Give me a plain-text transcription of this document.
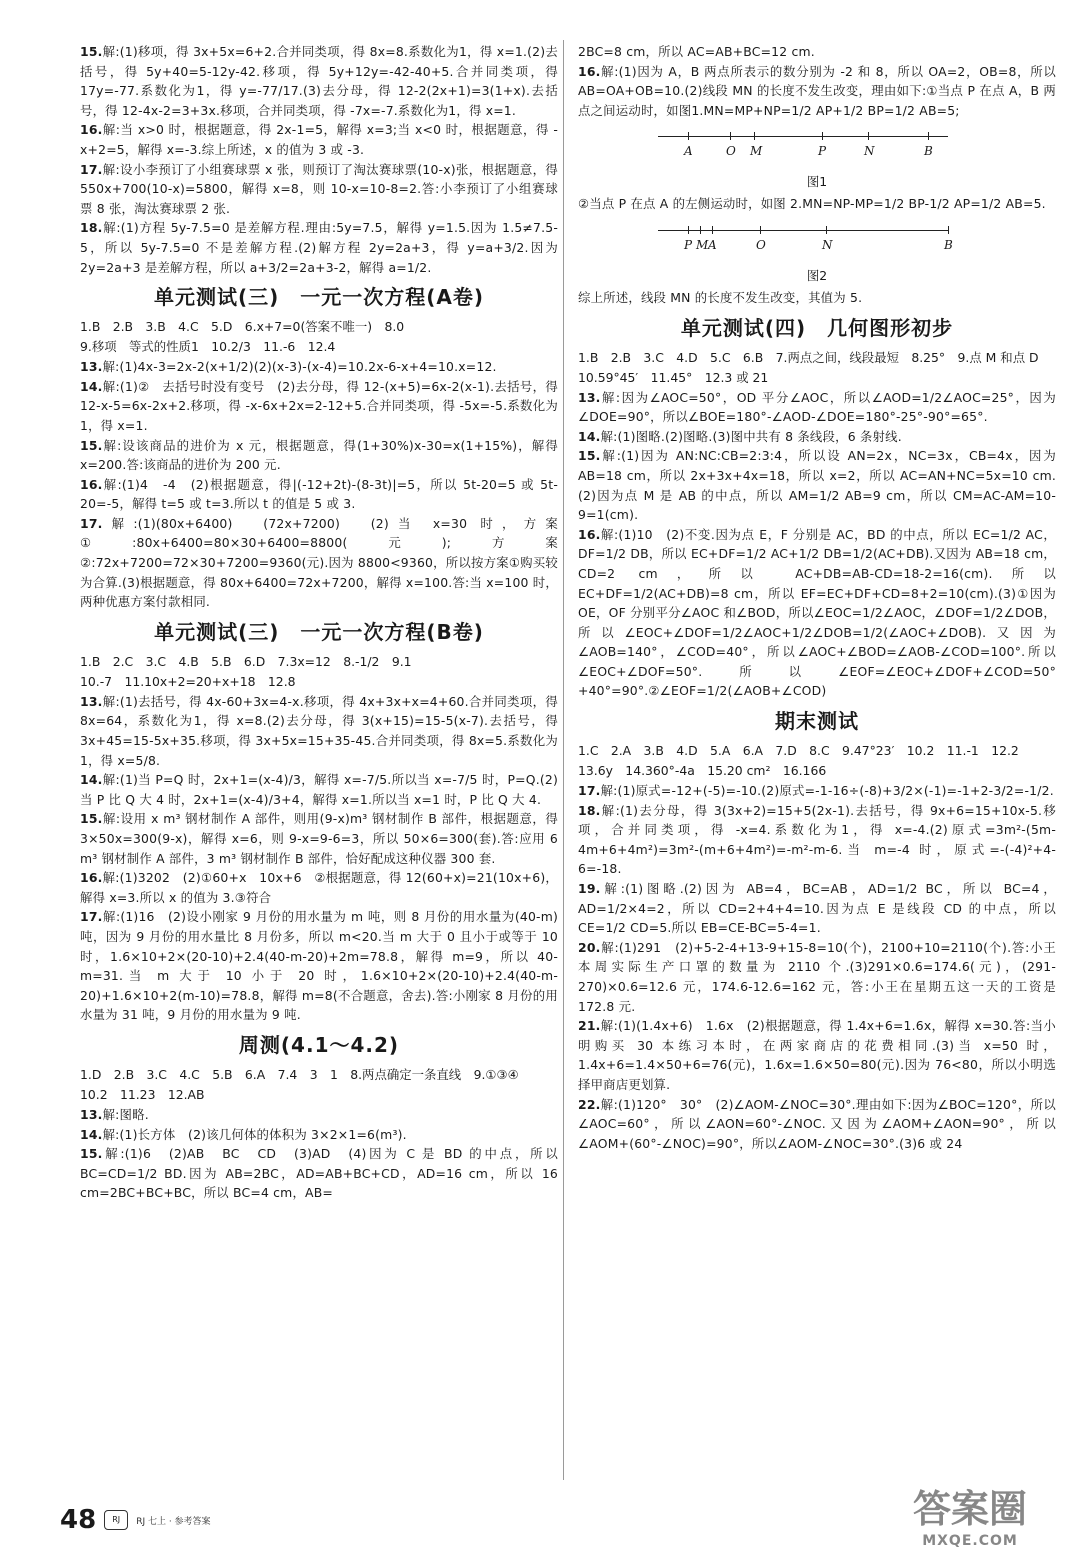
15.解:(1)移项，得 3x+5x=6+2.合并同类项，得 8x=8.系数化为1，得 x=1.(2)去括号，得 5y+40=5-12y-42.移项，得 5y+12y=-42-40+5.合并同类项，得 17y=-77.系数化为1，得 y=-77/17.(3)去分母，得 12-2(2x+1)=3(1+x).去括号，得 12-4x-2=3+3x.移项，合并同类项，得 -7x=-7.系数化为1，得 x=1.

16.解:当 x>0 时，根据题意，得 2x-1=5，解得 x=3;当 x<0 时，根据题意，得 -x+2=5，解得 x=-3.综上所述，x 的值为 3 或 -3.

17.解:设小李预订了小组赛球票 x 张，则预订了淘汰赛球票(10-x)张，根据题意，得 550x+700(10-x)=5800，解得 x=8，则 10-x=10-8=2.答:小李预订了小组赛球票 8 张，淘汰赛球票 2 张.

18.解:(1)方程 5y-7.5=0 是差解方程.理由:5y=7.5，解得 y=1.5.因为 1.5≠7.5-5，所以 5y-7.5=0 不是差解方程.(2)解方程 2y=2a+3，得 y=a+3/2.因为 2y=2a+3 是差解方程，所以 a+3/2=2a+3-2，解得 a=1/2.

单元测试(三)　一元一次方程(A卷)

1.B　2.B　3.B　4.C　5.D　6.x+7=0(答案不唯一)　8.0

9.移项　等式的性质1　10.2/3　11.-6　12.4

13.解:(1)4x-3=2x-2(x+1/2)(2)(x-3)-(x-4)=10.2x-6-x+4=10.x=12.

14.解:(1)②　去括号时没有变号　(2)去分母，得 12-(x+5)=6x-2(x-1).去括号，得 12-x-5=6x-2x+2.移项，得 -x-6x+2x=2-12+5.合并同类项，得 -5x=-5.系数化为1，得 x=1.

15.解:设该商品的进价为 x 元，根据题意，得(1+30%)x-30=x(1+15%)，解得 x=200.答:该商品的进价为 200 元.

16.解:(1)4　-4　(2)根据题意，得|(-12+2t)-(8-3t)|=5，所以 5t-20=5 或 5t-20=-5，解得 t=5 或 t=3.所以 t 的值是 5 或 3.

17.解:(1)(80x+6400)　(72x+7200)　(2)当 x=30 时，方案①:80x+6400=80×30+6400=8800(元);方案②:72x+7200=72×30+7200=9360(元).因为 8800<9360，所以按方案①购买较为合算.(3)根据题意，得 80x+6400=72x+7200，解得 x=100.答:当 x=100 时，两种优惠方案付款相同.

单元测试(三)　一元一次方程(B卷)

1.B　2.C　3.C　4.B　5.B　6.D　7.3x=12　8.-1/2　9.1

10.-7　11.10x+2=20+x+18　12.8

13.解:(1)去括号，得 4x-60+3x=4-x.移项，得 4x+3x+x=4+60.合并同类项，得 8x=64，系数化为1，得 x=8.(2)去分母，得 3(x+15)=15-5(x-7).去括号，得 3x+45=15-5x+35.移项，得 3x+5x=15+35-45.合并同类项，得 8x=5.系数化为1，得 x=5/8.

14.解:(1)当 P=Q 时，2x+1=(x-4)/3，解得 x=-7/5.所以当 x=-7/5 时，P=Q.(2)当 P 比 Q 大 4 时，2x+1=(x-4)/3+4，解得 x=1.所以当 x=1 时，P 比 Q 大 4.

15.解:设用 x m³ 钢材制作 A 部件，则用(9-x)m³ 钢材制作 B 部件，根据题意，得 3×50x=300(9-x)，解得 x=6，则 9-x=9-6=3，所以 50×6=300(套).答:应用 6 m³ 钢材制作 A 部件，3 m³ 钢材制作 B 部件，恰好配成这种仪器 300 套.

16.解:(1)3202　(2)①60+x　10x+6　②根据题意，得 12(60+x)=21(10x+6)，解得 x=3.所以 x 的值为 3.③符合

17.解:(1)16　(2)设小刚家 9 月份的用水量为 m 吨，则 8 月份的用水量为(40-m)吨，因为 9 月份的用水量比 8 月份多，所以 m<20.当 m 大于 0 且小于或等于 10 时，1.6×10+2×(20-10)+2.4(40-m-20)+2m=78.8，解得 m=9，所以 40-m=31.当 m 大于 10 小于 20 时，1.6×10+2×(20-10)+2.4(40-m-20)+1.6×10+2(m-10)=78.8，解得 m=8(不合题意，舍去).答:小刚家 8 月份的用水量为 31 吨，9 月份的用水量为 9 吨.

周测(4.1～4.2)

1.D　2.B　3.C　4.C　5.B　6.A　7.4　3　1　8.两点确定一条直线　9.①③④　10.2　11.23　12.AB

13.解:图略.

14.解:(1)长方体　(2)该几何体的体积为 3×2×1=6(m³).

15.解:(1)6　(2)AB　BC　CD　(3)AD　(4)因为 C 是 BD 的中点，所以 BC=CD=1/2 BD.因为 AB=2BC，AD=AB+BC+CD，AD=16 cm，所以 16 cm=2BC+BC+BC，所以 BC=4 cm，AB=

2BC=8 cm，所以 AC=AB+BC=12 cm.

16.解:(1)因为 A，B 两点所表示的数分别为 -2 和 8，所以 OA=2，OB=8，所以 AB=OA+OB=10.(2)线段 MN 的长度不发生改变，理由如下:①当点 P 在点 A，B 两点之间运动时，如图1.MN=MP+NP=1/2 AP+1/2 BP=1/2 AB=5;

A	O M	P	N	B

图1

②当点 P 在点 A 的左侧运动时，如图 2.MN=NP-MP=1/2 BP-1/2 AP=1/2 AB=5.

P M A	O	N	B

图2

综上所述，线段 MN 的长度不发生改变，其值为 5.

单元测试(四)　几何图形初步

1.B　2.B　3.C　4.D　5.C　6.B　7.两点之间，线段最短　8.25°　9.点 M 和点 D　10.59°45′　11.45°　12.3 或 21

13.解:因为∠AOC=50°，OD 平分∠AOC，所以∠AOD=1/2∠AOC=25°，因为∠DOE=90°，所以∠BOE=180°-∠AOD-∠DOE=180°-25°-90°=65°.

14.解:(1)图略.(2)图略.(3)图中共有 8 条线段，6 条射线.

15.解:(1)因为 AN:NC:CB=2:3:4，所以设 AN=2x，NC=3x，CB=4x，因为 AB=18 cm，所以 2x+3x+4x=18，所以 x=2，所以 AC=AN+NC=5x=10 cm.(2)因为点 M 是 AB 的中点，所以 AM=1/2 AB=9 cm，所以 CM=AC-AM=10-9=1(cm).

16.解:(1)10　(2)不变.因为点 E，F 分别是 AC，BD 的中点，所以 EC=1/2 AC，DF=1/2 DB，所以 EC+DF=1/2 AC+1/2 DB=1/2(AC+DB).又因为 AB=18 cm，CD=2 cm，所以 AC+DB=AB-CD=18-2=16(cm).所以 EC+DF=1/2(AC+DB)=8 cm，所以 EF=EC+DF+CD=8+2=10(cm).(3)①因为 OE，OF 分别平分∠AOC 和∠BOD，所以∠EOC=1/2∠AOC，∠DOF=1/2∠DOB，所以∠EOC+∠DOF=1/2∠AOC+1/2∠DOB=1/2(∠AOC+∠DOB).又因为∠AOB=140°，∠COD=40°，所以∠AOC+∠BOD=∠AOB-∠COD=100°.所以∠EOC+∠DOF=50°.所以∠EOF=∠EOC+∠DOF+∠COD=50°+40°=90°.②∠EOF=1/2(∠AOB+∠COD)

期末测试

1.C　2.A　3.B　4.D　5.A　6.A　7.D　8.C　9.47°23′　10.2　11.-1　12.2　13.6y　14.360°-4a　15.20 cm²　16.166

17.解:(1)原式=-12+(-5)=-10.(2)原式=-1-16÷(-8)+3/2×(-1)=-1+2-3/2=-1/2.

18.解:(1)去分母，得 3(3x+2)=15+5(2x-1).去括号，得 9x+6=15+10x-5.移项，合并同类项，得 -x=4.系数化为1，得 x=-4.(2)原式=3m²-(5m-4m+6+4m²)=3m²-(m+6+4m²)=-m²-m-6.当 m=-4 时，原式=-(-4)²+4-6=-18.

19.解:(1)图略.(2)因为 AB=4，BC=AB，AD=1/2 BC，所以 BC=4，AD=1/2×4=2，所以 CD=2+4+4=10.因为点 E 是线段 CD 的中点，所以 CE=1/2 CD=5.所以 EB=CE-BC=5-4=1.

20.解:(1)291　(2)+5-2-4+13-9+15-8=10(个)，2100+10=2110(个).答:小王本周实际生产口罩的数量为 2110 个.(3)291×0.6=174.6(元)，(291-270)×0.6=12.6 元，174.6-12.6=162 元，答:小王在星期五这一天的工资是 172.8 元.

21.解:(1)(1.4x+6)　1.6x　(2)根据题意，得 1.4x+6=1.6x，解得 x=30.答:当小明购买 30 本练习本时，在两家商店的花费相同.(3)当 x=50 时，1.4x+6=1.4×50+6=76(元)，1.6x=1.6×50=80(元).因为 76<80，所以小明选择甲商店更划算.

22.解:(1)120°　30°　(2)∠AOM-∠NOC=30°.理由如下:因为∠BOC=120°，所以∠AOC=60°，所以∠AON=60°-∠NOC.又因为∠AOM+∠AON=90°，所以∠AOM+(60°-∠NOC)=90°，所以∠AOM-∠NOC=30°.(3)6 或 24

48	RJ	RJ 七上 · 参考答案	答案圈
MXQE.COM
